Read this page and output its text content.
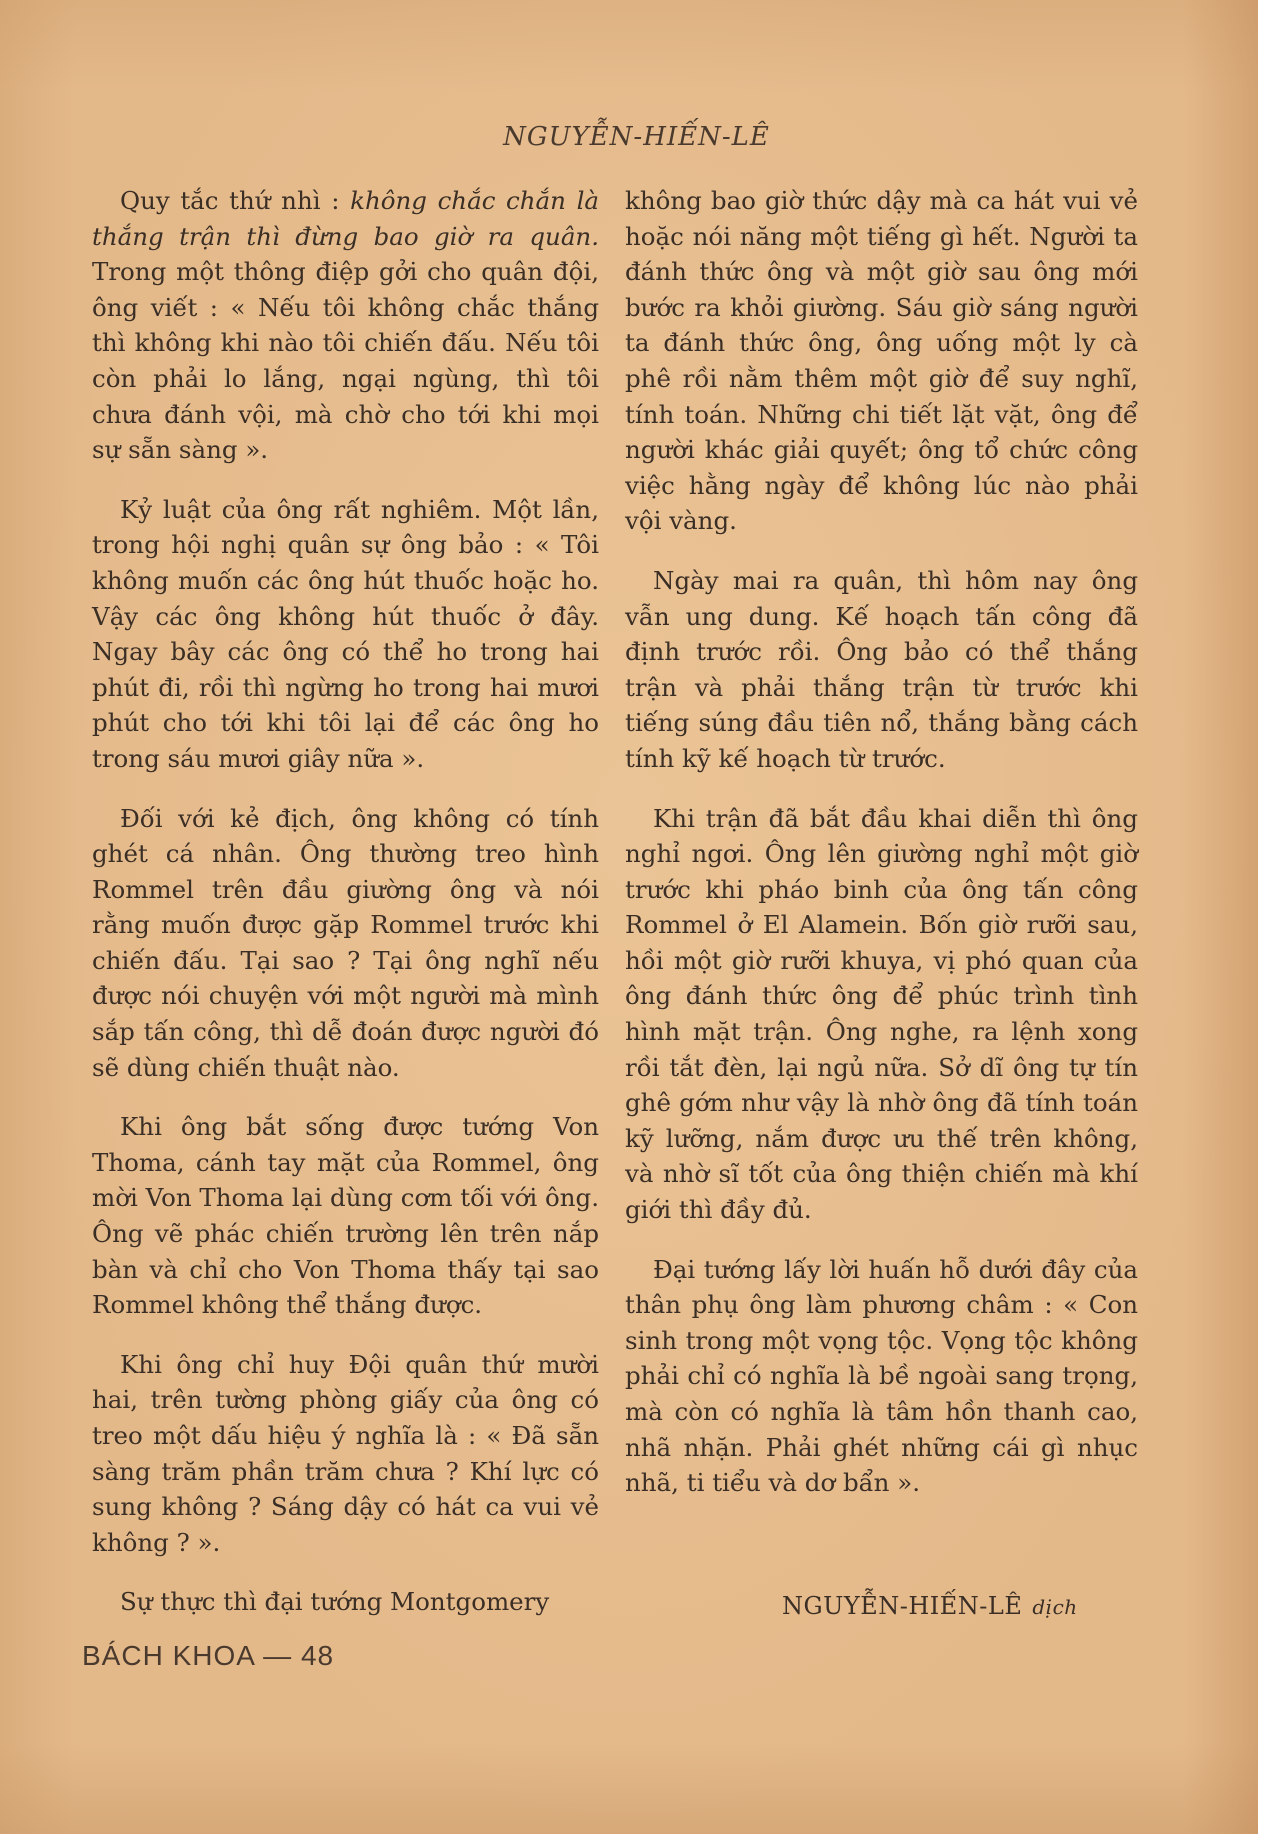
NGUYỄN-HIẾN-LÊ

Quy tắc thứ nhì : không chắc chắn là thắng trận thì đừng bao giờ ra quân. Trong một thông điệp gởi cho quân đội, ông viết : « Nếu tôi không chắc thắng thì không khi nào tôi chiến đấu. Nếu tôi còn phải lo lắng, ngại ngùng, thì tôi chưa đánh vội, mà chờ cho tới khi mọi sự sẵn sàng ».

Kỷ luật của ông rất nghiêm. Một lần, trong hội nghị quân sự ông bảo : « Tôi không muốn các ông hút thuốc hoặc ho. Vậy các ông không hút thuốc ở đây. Ngay bây các ông có thể ho trong hai phút đi, rồi thì ngừng ho trong hai mươi phút cho tới khi tôi lại để các ông ho trong sáu mươi giây nữa ».

Đối với kẻ địch, ông không có tính ghét cá nhân. Ông thường treo hình Rommel trên đầu giường ông và nói rằng muốn được gặp Rommel trước khi chiến đấu. Tại sao ? Tại ông nghĩ nếu được nói chuyện với một người mà mình sắp tấn công, thì dễ đoán được người đó sẽ dùng chiến thuật nào.

Khi ông bắt sống được tướng Von Thoma, cánh tay mặt của Rommel, ông mời Von Thoma lại dùng cơm tối với ông. Ông vẽ phác chiến trường lên trên nắp bàn và chỉ cho Von Thoma thấy tại sao Rommel không thể thắng được.

Khi ông chỉ huy Đội quân thứ mười hai, trên tường phòng giấy của ông có treo một dấu hiệu ý nghĩa là : « Đã sẵn sàng trăm phần trăm chưa ? Khí lực có sung không ? Sáng dậy có hát ca vui vẻ không ? ».

Sự thực thì đại tướng Montgomery

không bao giờ thức dậy mà ca hát vui vẻ hoặc nói năng một tiếng gì hết. Người ta đánh thức ông và một giờ sau ông mới bước ra khỏi giường. Sáu giờ sáng người ta đánh thức ông, ông uống một ly cà phê rồi nằm thêm một giờ để suy nghĩ, tính toán. Những chi tiết lặt vặt, ông để người khác giải quyết; ông tổ chức công việc hằng ngày để không lúc nào phải vội vàng.

Ngày mai ra quân, thì hôm nay ông vẫn ung dung. Kế hoạch tấn công đã định trước rồi. Ông bảo có thể thắng trận và phải thắng trận từ trước khi tiếng súng đầu tiên nổ, thắng bằng cách tính kỹ kế hoạch từ trước.

Khi trận đã bắt đầu khai diễn thì ông nghỉ ngơi. Ông lên giường nghỉ một giờ trước khi pháo binh của ông tấn công Rommel ở El Alamein. Bốn giờ rưỡi sau, hồi một giờ rưỡi khuya, vị phó quan của ông đánh thức ông để phúc trình tình hình mặt trận. Ông nghe, ra lệnh xong rồi tắt đèn, lại ngủ nữa. Sở dĩ ông tự tín ghê gớm như vậy là nhờ ông đã tính toán kỹ lưỡng, nắm được ưu thế trên không, và nhờ sĩ tốt của ông thiện chiến mà khí giới thì đầy đủ.

Đại tướng lấy lời huấn hỗ dưới đây của thân phụ ông làm phương châm : « Con sinh trong một vọng tộc. Vọng tộc không phải chỉ có nghĩa là bề ngoài sang trọng, mà còn có nghĩa là tâm hồn thanh cao, nhã nhặn. Phải ghét những cái gì nhục nhã, ti tiểu và dơ bẩn ».

NGUYỄN-HIẾN-LÊ dịch
BÁCH KHOA — 48
